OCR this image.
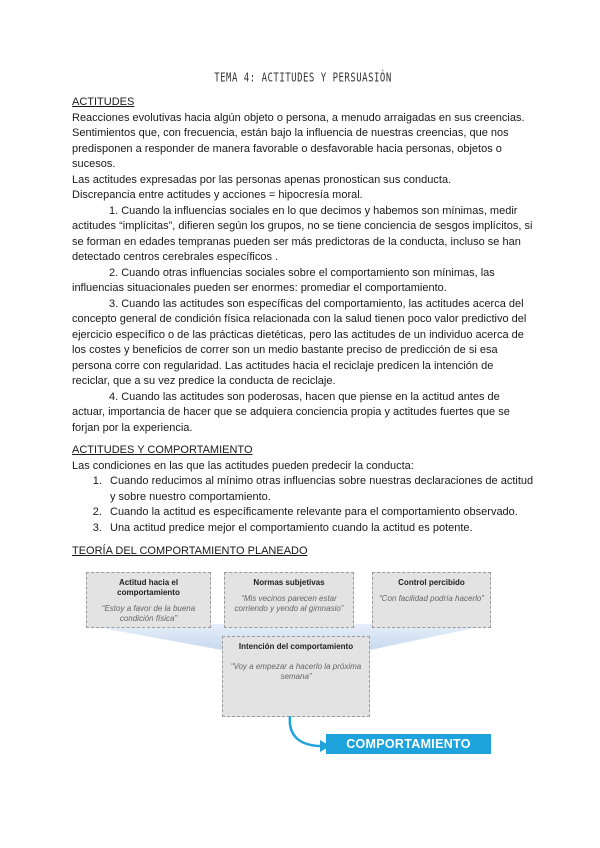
TEMA 4: ACTITUDES Y PERSUASIÓN

ACTITUDES

Reacciones evolutivas hacia algún objeto o persona, a menudo arraigadas en sus creencias.

Sentimientos que, con frecuencia, están bajo la influencia de nuestras creencias, que nos predisponen a responder de manera favorable o desfavorable hacia personas, objetos o sucesos.

Las actitudes expresadas por las personas apenas pronostican sus conducta.

Discrepancia entre actitudes y acciones = hipocresía moral.

1. Cuando la influencias sociales en lo que decimos y habemos son mínimas, medir actitudes “implícitas”, difieren según los grupos, no se tiene conciencia de sesgos implícitos, si se forman en edades tempranas pueden ser más predictoras de la conducta, incluso se han detectado centros cerebrales específicos .

2. Cuando otras influencias sociales sobre el comportamiento son mínimas, las influencias situacionales pueden ser enormes: promediar el comportamiento.

3. Cuando las actitudes son específicas del comportamiento, las actitudes acerca del concepto general de condición física relacionada con la salud tienen poco valor predictivo del ejercicio específico o de las prácticas dietéticas, pero las actitudes de un individuo acerca de los costes y beneficios de correr son un medio bastante preciso de predicción de si esa persona corre con regularidad. Las actitudes hacia el reciclaje predicen la intención de reciclar, que a su vez predice la conducta de reciclaje.

4. Cuando las actitudes son poderosas, hacen que piense en la actitud antes de actuar, importancia de hacer que se adquiera conciencia propia y actitudes fuertes que se forjan por la experiencia.

ACTITUDES Y COMPORTAMIENTO

Las condiciones en las que las actitudes pueden predecir la conducta:

1. Cuando reducimos al mínimo otras influencias sobre nuestras declaraciones de actitud y sobre nuestro comportamiento.
2. Cuando la actitud es específicamente relevante para el comportamiento observado.
3. Una actitud predice mejor el comportamiento cuando la actitud es potente.

TEORÍA DEL COMPORTAMIENTO PLANEADO

Actitud hacia el comportamiento
“Estoy a favor de la buena condición física”
Normas subjetivas
“Mis vecinos parecen estar corriendo y yendo al gimnasio”
Control percibido
“Con facilidad podría hacerlo”
Intención del comportamiento
“Voy a empezar a hacerlo la próxima semana”
COMPORTAMIENTO
